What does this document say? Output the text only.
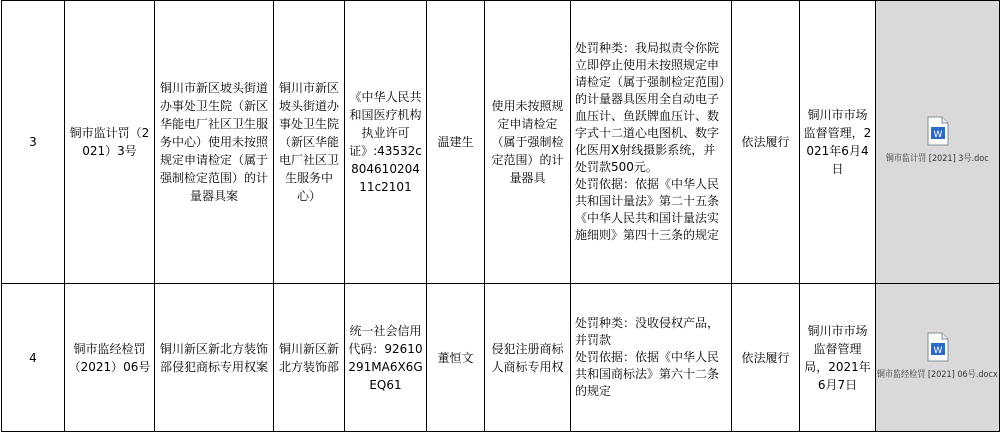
3	铜市监计罚（2021）3号	铜川市新区坡头街道办事处卫生院（新区华能电厂社区卫生服务中心）使用未按照规定申请检定（属于强制检定范围）的计量器具案	铜川市新区坡头街道办事处卫生院（新区华能电厂社区卫生服务中心）	《中华人民共和国医疗机构执业许可证》:43532c80461020411c2101	温建生	使用未按照规定申请检定（属于强制检定范围）的计量器具	处罚种类：我局拟责令你院立即停止使用未按照规定申请检定（属于强制检定范围）的计量器具医用全自动电子血压计、鱼跃牌血压计、数字式十二道心电图机、数字化医用X射线摄影系统，并处罚款500元。
处罚依据：依据《中华人民共和国计量法》第二十五条《中华人民共和国计量法实施细则》第四十三条的规定	依法履行	铜川市市场监督管理，2021年6月4日	W
铜市监计罚 [2021] 3号.doc

4	铜市监经检罚（2021）06号	铜川新区新北方装饰部侵犯商标专用权案	铜川新区新北方装饰部	统一社会信用代码：92610291MA6X6GEQ61	董恒文	侵犯注册商标人商标专用权	处罚种类：没收侵权产品，并罚款
处罚依据：依据《中华人民共和国商标法》第六十二条的规定	依法履行	铜川市市场监督管理局，2021年6月7日	W
铜市监经检罚 [2021] 06号.docx
